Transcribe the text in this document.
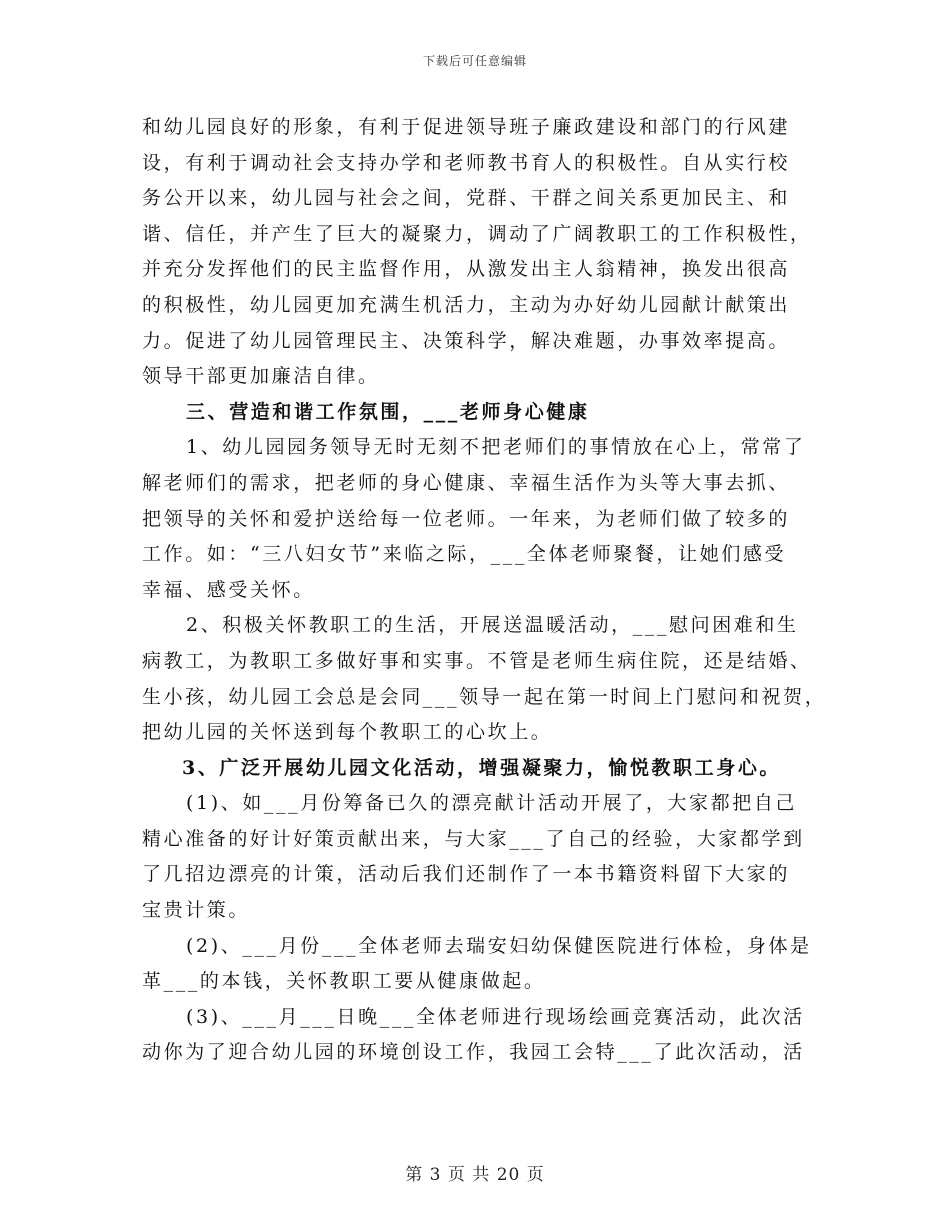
下载后可任意编辑
和幼儿园良好的形象，有利于促进领导班子廉政建设和部门的行风建
设，有利于调动社会支持办学和老师教书育人的积极性。自从实行校
务公开以来，幼儿园与社会之间，党群、干群之间关系更加民主、和
谐、信任，并产生了巨大的凝聚力，调动了广阔教职工的工作积极性，
并充分发挥他们的民主监督作用，从激发出主人翁精神，换发出很高
的积极性，幼儿园更加充满生机活力，主动为办好幼儿园献计献策出
力。促进了幼儿园管理民主、决策科学，解决难题，办事效率提高。
领导干部更加廉洁自律。
三、营造和谐工作氛围，___老师身心健康
1、幼儿园园务领导无时无刻不把老师们的事情放在心上，常常了
解老师们的需求，把老师的身心健康、幸福生活作为头等大事去抓、
把领导的关怀和爱护送给每一位老师。一年来，为老师们做了较多的
工作。如：“三八妇女节”来临之际，___全体老师聚餐，让她们感受
幸福、感受关怀。
2、积极关怀教职工的生活，开展送温暖活动，___慰问困难和生
病教工，为教职工多做好事和实事。不管是老师生病住院，还是结婚、
生小孩，幼儿园工会总是会同___领导一起在第一时间上门慰问和祝贺，
把幼儿园的关怀送到每个教职工的心坎上。
3、广泛开展幼儿园文化活动，增强凝聚力，愉悦教职工身心。
(1)、如___月份筹备已久的漂亮献计活动开展了，大家都把自己
精心准备的好计好策贡献出来，与大家___了自己的经验，大家都学到
了几招边漂亮的计策，活动后我们还制作了一本书籍资料留下大家的
宝贵计策。
(2)、___月份___全体老师去瑞安妇幼保健医院进行体检，身体是
革___的本钱，关怀教职工要从健康做起。
(3)、___月___日晚___全体老师进行现场绘画竞赛活动，此次活
动你为了迎合幼儿园的环境创设工作，我园工会特___了此次活动，活
第 3 页 共 20 页
